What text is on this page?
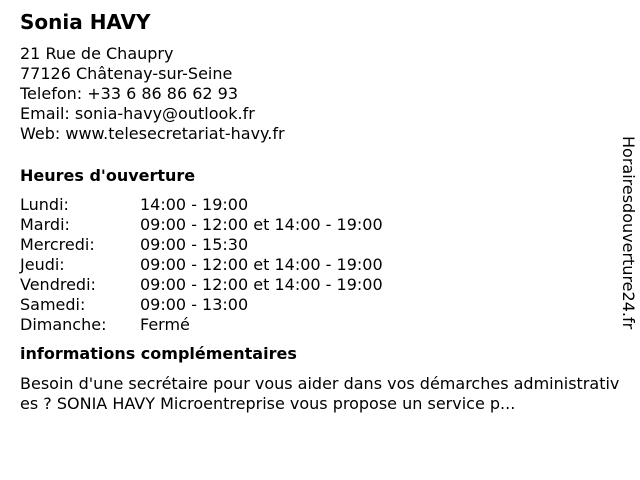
Sonia HAVY
21 Rue de Chaupry
77126 Châtenay-sur-Seine
Telefon: +33 6 86 86 62 93
Email: sonia-havy@outlook.fr
Web: www.telesecretariat-havy.fr
Heures d'ouverture
Lundi:	14:00 - 19:00
Mardi:	09:00 - 12:00 et 14:00 - 19:00
Mercredi:	09:00 - 15:30
Jeudi:	09:00 - 12:00 et 14:00 - 19:00
Vendredi:	09:00 - 12:00 et 14:00 - 19:00
Samedi:	09:00 - 13:00
Dimanche:	Fermé
informations complémentaires
Besoin d'une secrétaire pour vous aider dans vos démarches administratives ? SONIA HAVY Microentreprise vous propose un service p...
Horairesdouverture24.fr
